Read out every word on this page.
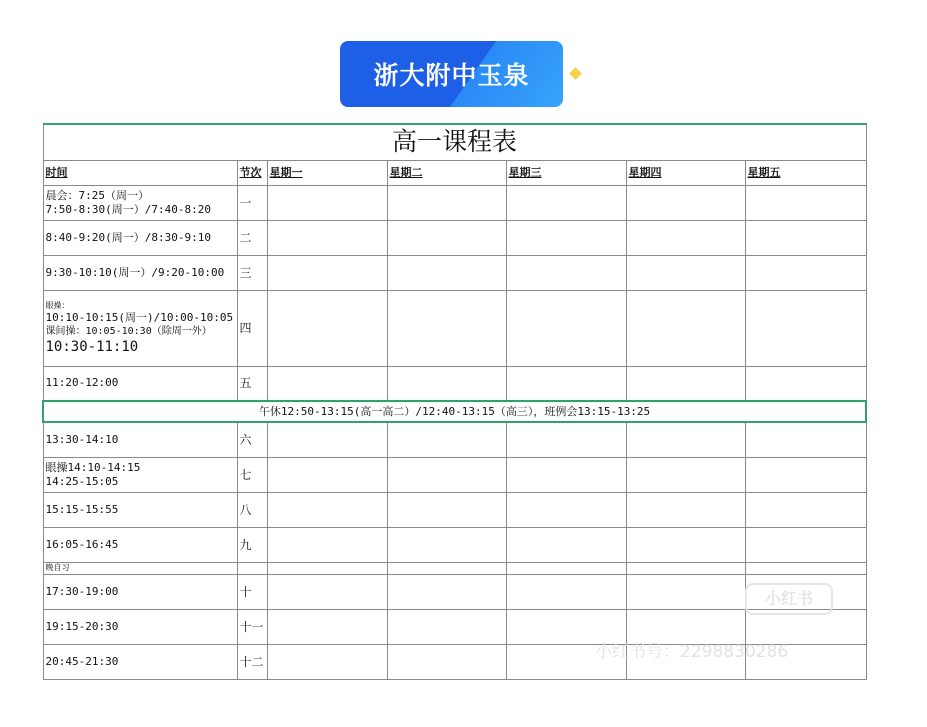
浙大附中玉泉
高一课程表						
时间	节次	星期一	星期二	星期三	星期四	星期五

晨会：7:25（周一）
7:50-8:30(周一）/7:40-8:20	一					

8:40-9:20(周一）/8:30-9:10	二					

9:30-10:10(周一）/9:20-10:00	三					

眼操：
10:10-10:15(周一)/10:00-10:05
课间操：10:05-10:30（除周一外）
10:30-11:10	四					

11:20-12:00	五					
午休12:50-13:15(高一高二）/12:40-13:15（高三），班例会13:15-13:25						

13:30-14:10	六					

眼操14:10-14:15
14:25-15:05	七					

15:15-15:55	八					

16:05-16:45	九					

晚自习						

17:30-19:00	十					

19:15-20:30	十一					

20:45-21:30	十二					
小红书
小红书号：2298830286
